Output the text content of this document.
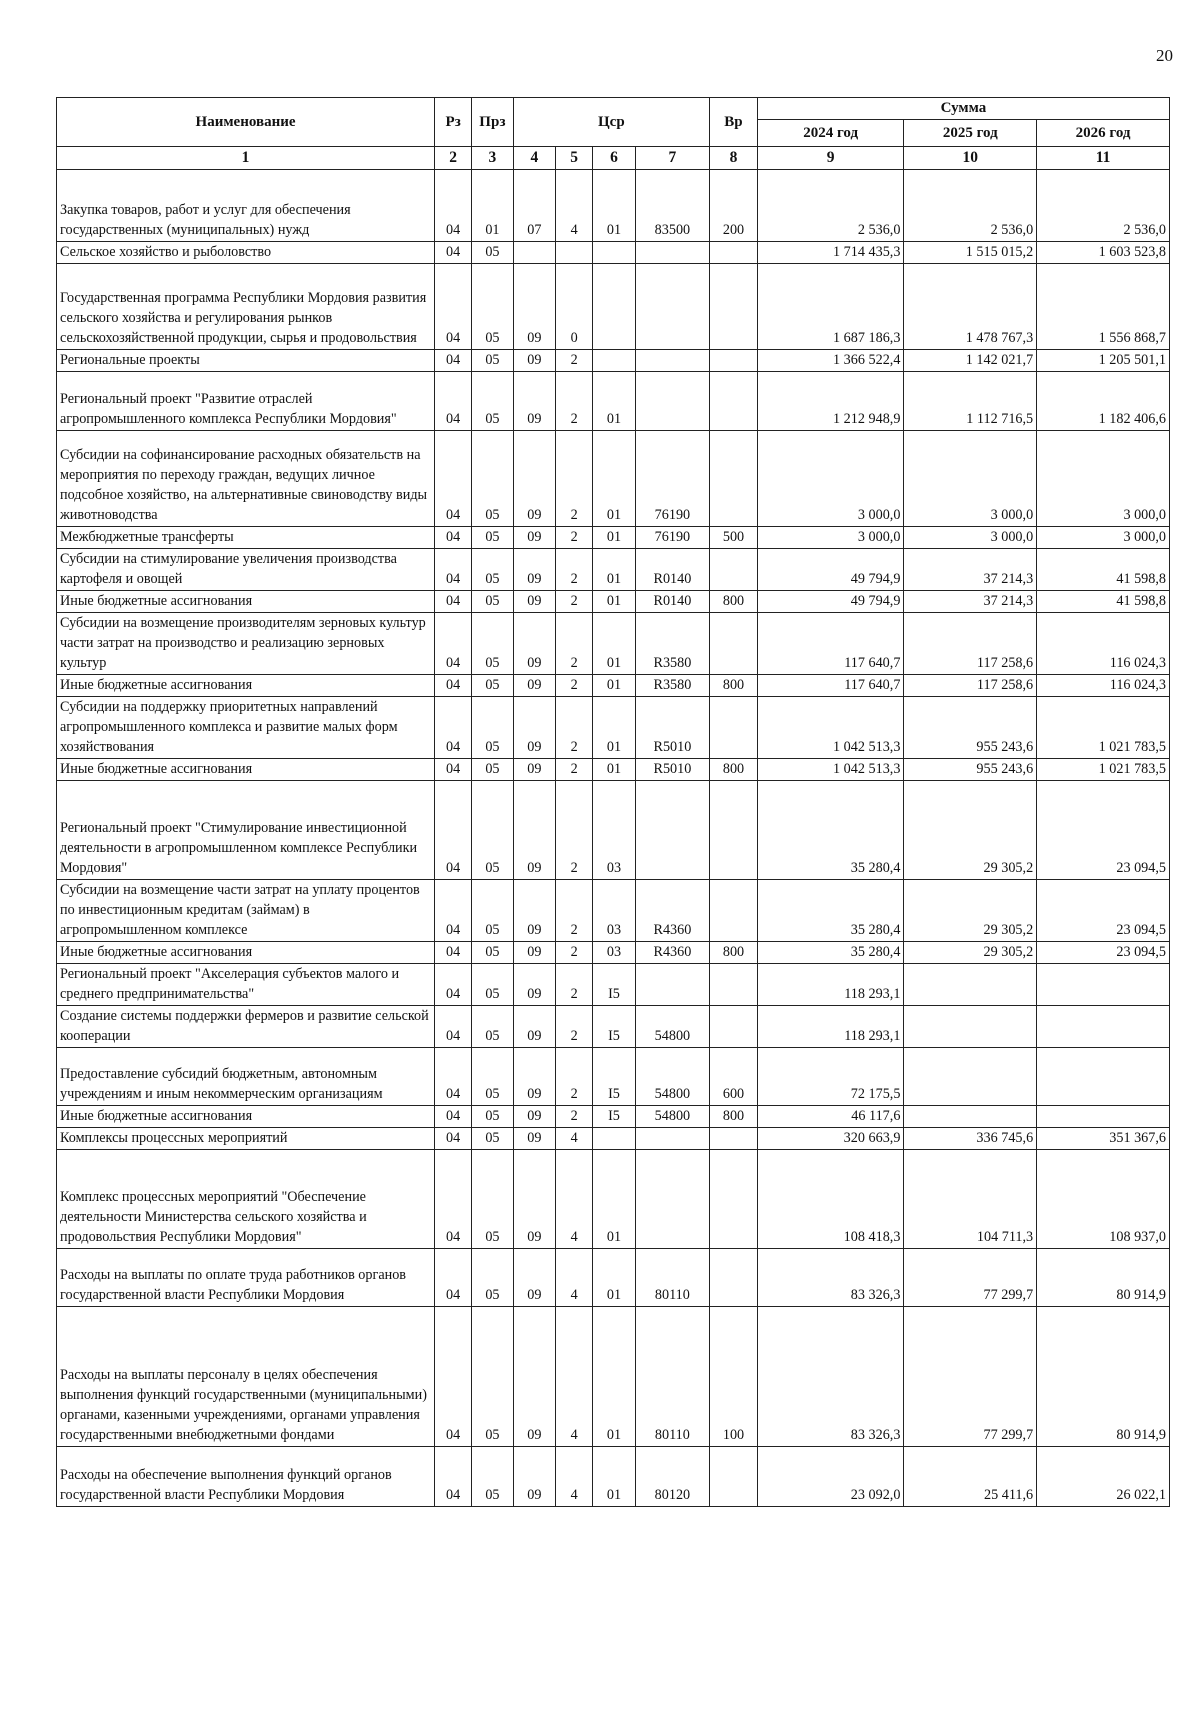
20
Наименование	Рз	Прз	Цср				Вр	Сумма		
								2024 год	2025 год	2026 год
1	2	3	4	5	6	7	8	9	10	11
Закупка товаров, работ и услуг для обеспечения государственных (муниципальных) нужд	04	01	07	4	01	83500	200	2 536,0	2 536,0	2 536,0
Сельское хозяйство и рыболовство	04	05						1 714 435,3	1 515 015,2	1 603 523,8
Государственная программа Республики Мордовия развития сельского хозяйства и регулирования рынков сельскохозяйственной продукции, сырья и продовольствия	04	05	09	0				1 687 186,3	1 478 767,3	1 556 868,7
Региональные проекты	04	05	09	2				1 366 522,4	1 142 021,7	1 205 501,1
Региональный проект "Развитие отраслей агропромышленного комплекса Республики Мордовия"	04	05	09	2	01			1 212 948,9	1 112 716,5	1 182 406,6
Субсидии на софинансирование расходных обязательств на мероприятия по переходу граждан, ведущих личное подсобное хозяйство, на альтернативные свиноводству виды животноводства	04	05	09	2	01	76190		3 000,0	3 000,0	3 000,0
Межбюджетные трансферты	04	05	09	2	01	76190	500	3 000,0	3 000,0	3 000,0
Субсидии на стимулирование увеличения производства картофеля и овощей	04	05	09	2	01	R0140		49 794,9	37 214,3	41 598,8
Иные бюджетные ассигнования	04	05	09	2	01	R0140	800	49 794,9	37 214,3	41 598,8
Субсидии на возмещение производителям зерновых культур части затрат на производство и реализацию зерновых культур	04	05	09	2	01	R3580		117 640,7	117 258,6	116 024,3
Иные бюджетные ассигнования	04	05	09	2	01	R3580	800	117 640,7	117 258,6	116 024,3
Субсидии на поддержку приоритетных направлений агропромышленного комплекса и развитие малых форм хозяйствования	04	05	09	2	01	R5010		1 042 513,3	955 243,6	1 021 783,5
Иные бюджетные ассигнования	04	05	09	2	01	R5010	800	1 042 513,3	955 243,6	1 021 783,5
Региональный проект "Стимулирование инвестиционной деятельности в агропромышленном комплексе Республики Мордовия"	04	05	09	2	03			35 280,4	29 305,2	23 094,5
Субсидии на возмещение части затрат на уплату процентов по инвестиционным кредитам (займам) в агропромышленном комплексе	04	05	09	2	03	R4360		35 280,4	29 305,2	23 094,5
Иные бюджетные ассигнования	04	05	09	2	03	R4360	800	35 280,4	29 305,2	23 094,5
Региональный проект "Акселерация субъектов малого и среднего предпринимательства"	04	05	09	2	I5			118 293,1		
Создание системы поддержки фермеров и развитие сельской кооперации	04	05	09	2	I5	54800		118 293,1		
Предоставление субсидий бюджетным, автономным учреждениям и иным некоммерческим организациям	04	05	09	2	I5	54800	600	72 175,5		
Иные бюджетные ассигнования	04	05	09	2	I5	54800	800	46 117,6		
Комплексы процессных мероприятий	04	05	09	4				320 663,9	336 745,6	351 367,6
Комплекс процессных мероприятий "Обеспечение деятельности Министерства сельского хозяйства и продовольствия Республики Мордовия"	04	05	09	4	01			108 418,3	104 711,3	108 937,0
Расходы на выплаты по оплате труда работников органов государственной власти Республики Мордовия	04	05	09	4	01	80110		83 326,3	77 299,7	80 914,9
Расходы на выплаты персоналу в целях обеспечения выполнения функций государственными (муниципальными) органами, казенными учреждениями, органами управления государственными внебюджетными фондами	04	05	09	4	01	80110	100	83 326,3	77 299,7	80 914,9
Расходы на обеспечение выполнения функций органов государственной власти Республики Мордовия	04	05	09	4	01	80120		23 092,0	25 411,6	26 022,1
